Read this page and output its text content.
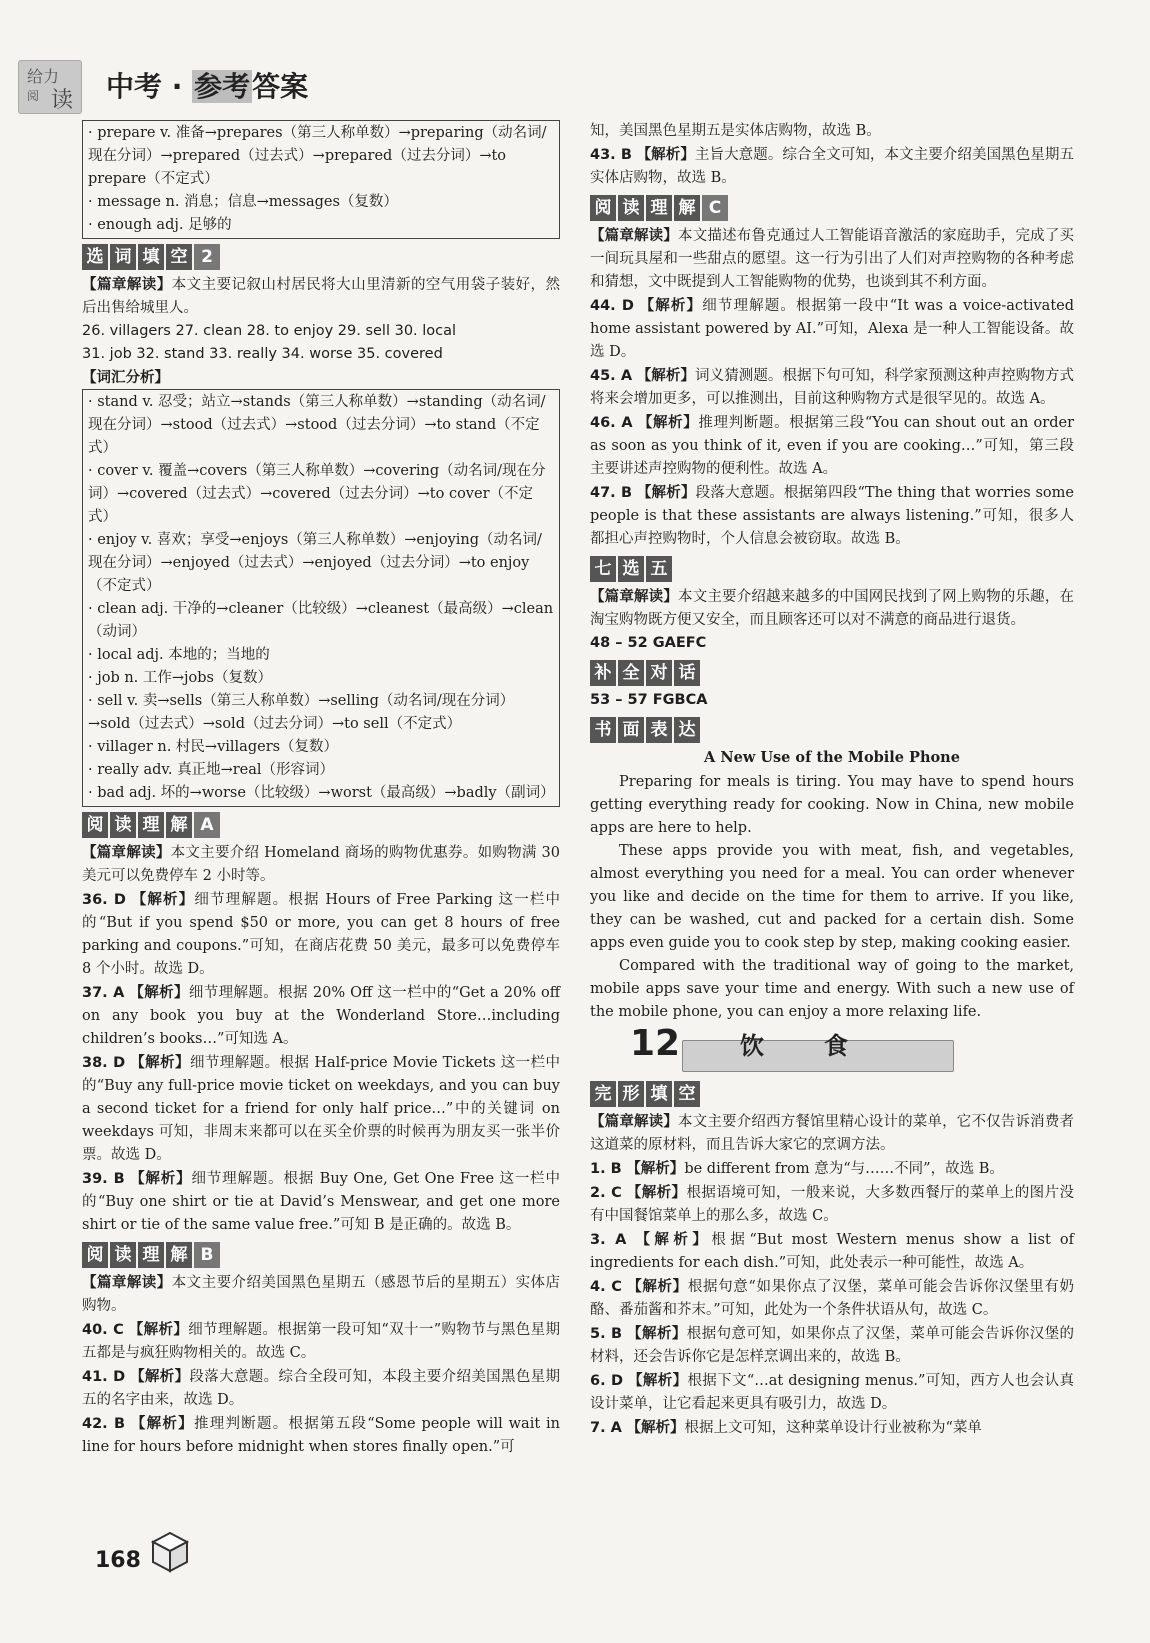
给力
阅 读 中考 · 参考答案

· prepare v. 准备→prepares（第三人称单数）→preparing（动名词/现在分词）→prepared（过去式）→prepared（过去分词）→to prepare（不定式）

· message n. 消息；信息→messages（复数）

· enough adj. 足够的

选 词 填 空 2

【篇章解读】本文主要记叙山村居民将大山里清新的空气用袋子装好，然后出售给城里人。

26. villagers 27. clean 28. to enjoy 29. sell 30. local

31. job 32. stand 33. really 34. worse 35. covered

【词汇分析】

· stand v. 忍受；站立→stands（第三人称单数）→standing（动名词/现在分词）→stood（过去式）→stood（过去分词）→to stand（不定式）

· cover v. 覆盖→covers（第三人称单数）→covering（动名词/现在分词）→covered（过去式）→covered（过去分词）→to cover（不定式）

· enjoy v. 喜欢；享受→enjoys（第三人称单数）→enjoying（动名词/现在分词）→enjoyed（过去式）→enjoyed（过去分词）→to enjoy（不定式）

· clean adj. 干净的→cleaner（比较级）→cleanest（最高级）→clean（动词）

· local adj. 本地的；当地的

· job n. 工作→jobs（复数）

· sell v. 卖→sells（第三人称单数）→selling（动名词/现在分词）→sold（过去式）→sold（过去分词）→to sell（不定式）

· villager n. 村民→villagers（复数）

· really adv. 真正地→real（形容词）

· bad adj. 坏的→worse（比较级）→worst（最高级）→badly（副词）

阅 读 理 解 A

【篇章解读】本文主要介绍 Homeland 商场的购物优惠券。如购物满 30 美元可以免费停车 2 小时等。

36. D 【解析】细节理解题。根据 Hours of Free Parking 这一栏中的“But if you spend $50 or more, you can get 8 hours of free parking and coupons.”可知，在商店花费 50 美元，最多可以免费停车 8 个小时。故选 D。

37. A 【解析】细节理解题。根据 20% Off 这一栏中的“Get a 20% off on any book you buy at the Wonderland Store…including children’s books…”可知选 A。

38. D 【解析】细节理解题。根据 Half-price Movie Tickets 这一栏中的“Buy any full-price movie ticket on weekdays, and you can buy a second ticket for a friend for only half price…”中的关键词 on weekdays 可知，非周末来都可以在买全价票的时候再为朋友买一张半价票。故选 D。

39. B 【解析】细节理解题。根据 Buy One, Get One Free 这一栏中的“Buy one shirt or tie at David’s Menswear, and get one more shirt or tie of the same value free.”可知 B 是正确的。故选 B。

阅 读 理 解 B

【篇章解读】本文主要介绍美国黑色星期五（感恩节后的星期五）实体店购物。

40. C 【解析】细节理解题。根据第一段可知“双十一”购物节与黑色星期五都是与疯狂购物相关的。故选 C。

41. D 【解析】段落大意题。综合全段可知，本段主要介绍美国黑色星期五的名字由来，故选 D。

42. B 【解析】推理判断题。根据第五段“Some people will wait in line for hours before midnight when stores finally open.”可

知，美国黑色星期五是实体店购物，故选 B。

43. B 【解析】主旨大意题。综合全文可知，本文主要介绍美国黑色星期五实体店购物，故选 B。

阅 读 理 解 C

【篇章解读】本文描述布鲁克通过人工智能语音激活的家庭助手，完成了买一间玩具屋和一些甜点的愿望。这一行为引出了人们对声控购物的各种考虑和猜想，文中既提到人工智能购物的优势，也谈到其不利方面。

44. D 【解析】细节理解题。根据第一段中“It was a voice-activated home assistant powered by AI.”可知，Alexa 是一种人工智能设备。故选 D。

45. A 【解析】词义猜测题。根据下句可知，科学家预测这种声控购物方式将来会增加更多，可以推测出，目前这种购物方式是很罕见的。故选 A。

46. A 【解析】推理判断题。根据第三段“You can shout out an order as soon as you think of it, even if you are cooking…”可知，第三段主要讲述声控购物的便利性。故选 A。

47. B 【解析】段落大意题。根据第四段“The thing that worries some people is that these assistants are always listening.”可知，很多人都担心声控购物时，个人信息会被窃取。故选 B。

七 选 五

【篇章解读】本文主要介绍越来越多的中国网民找到了网上购物的乐趣，在淘宝购物既方便又安全，而且顾客还可以对不满意的商品进行退货。

48 – 52 GAEFC

补 全 对 话

53 – 57 FGBCA

书 面 表 达

A New Use of the Mobile Phone

Preparing for meals is tiring. You may have to spend hours getting everything ready for cooking. Now in China, new mobile apps are here to help.

These apps provide you with meat, fish, and vegetables, almost everything you need for a meal. You can order whenever you like and decide on the time for them to arrive. If you like, they can be washed, cut and packed for a certain dish. Some apps even guide you to cook step by step, making cooking easier.

Compared with the traditional way of going to the market, mobile apps save your time and energy. With such a new use of the mobile phone, you can enjoy a more relaxing life.

12 饮食
完 形 填 空

【篇章解读】本文主要介绍西方餐馆里精心设计的菜单，它不仅告诉消费者这道菜的原材料，而且告诉大家它的烹调方法。

1. B 【解析】be different from 意为“与……不同”，故选 B。

2. C 【解析】根据语境可知，一般来说，大多数西餐厅的菜单上的图片没有中国餐馆菜单上的那么多，故选 C。

3. A 【解析】根据“But most Western menus show a list of ingredients for each dish.”可知，此处表示一种可能性，故选 A。

4. C 【解析】根据句意“如果你点了汉堡，菜单可能会告诉你汉堡里有奶酪、番茄酱和芥末。”可知，此处为一个条件状语从句，故选 C。

5. B 【解析】根据句意可知，如果你点了汉堡，菜单可能会告诉你汉堡的材料，还会告诉你它是怎样烹调出来的，故选 B。

6. D 【解析】根据下文“…at designing menus.”可知，西方人也会认真设计菜单，让它看起来更具有吸引力，故选 D。

7. A 【解析】根据上文可知，这种菜单设计行业被称为“菜单

168
